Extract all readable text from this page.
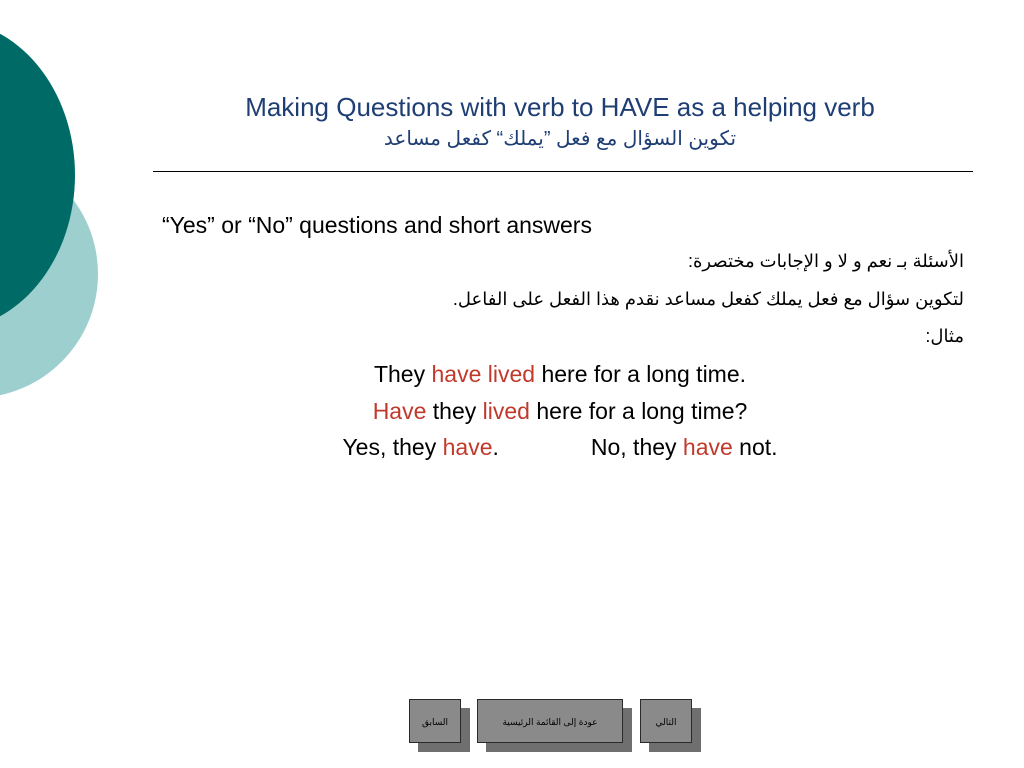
Making Questions with verb to HAVE as a helping verb
تكوين السؤال مع فعل ”يملك“ كفعل مساعد
“Yes” or “No” questions and short answers
الأسئلة بـ نعم و لا و الإجابات مختصرة:
لتكوين سؤال مع فعل يملك كفعل مساعد نقدم هذا الفعل على الفاعل.
مثال:
They have lived here for a long time.
Have they lived here for a long time?
Yes, they have.	No, they have not.
السابق	عودة إلى القائمة الرئيسية	التالي
